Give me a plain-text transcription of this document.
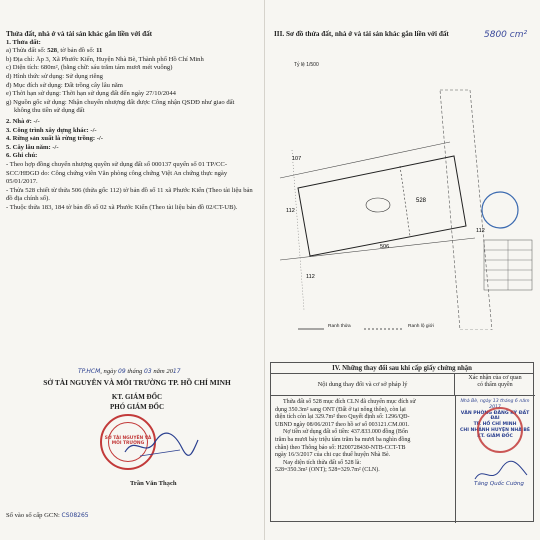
Thửa đất, nhà ở và tài sản khác gắn liền với đất
1. Thửa đất:
a) Thửa đất số: 528, tờ bản đồ số: 11
b) Địa chỉ: Ấp 3, Xã Phước Kiển, Huyện Nhà Bè, Thành phố Hồ Chí Minh
c) Diện tích: 680m², (bằng chữ: sáu trăm tám mươi mét vuông)
d) Hình thức sử dụng: Sử dụng riêng
đ) Mục đích sử dụng: Đất trồng cây lâu năm
e) Thời hạn sử dụng: Thời hạn sử dụng đất đến ngày 27/10/2044
g) Nguồn gốc sử dụng: Nhận chuyển nhượng đất được Công nhận QSDĐ như giao đất
không thu tiền sử dụng đất
2. Nhà ở: -/-
3. Công trình xây dựng khác: -/-
4. Rừng sản xuất là rừng trồng: -/-
5. Cây lâu năm: -/-
6. Ghi chú:
- Theo hợp đồng chuyển nhượng quyền sử dụng đất số 000137 quyển số 01 TP/CC-SCC/HĐGD do: Công chứng viên Văn phòng công chứng Việt An chứng thực ngày 05/01/2017.
- Thửa 528 chiết từ thửa 506 (thửa gốc 112) tờ bản đồ số 11 xã Phước Kiển (Theo tài liệu bản đồ địa chính số).
- Thuộc thửa 183, 184 tờ bản đồ số 02 xã Phước Kiển (Theo tài liệu bản đồ 02/CT-UB).
TP.HCM, ngày 09 tháng 03 năm 2017
SỞ TÀI NGUYÊN VÀ MÔI TRƯỜNG TP. HỒ CHÍ MINH
KT. GIÁM ĐỐC
PHÓ GIÁM ĐỐC
SỞ TÀI NGUYÊN VÀ MÔI TRƯỜNG
Trần Văn Thạch
Số vào sổ cấp GCN: CS08265
III. Sơ đồ thửa đất, nhà ở và tài sản khác gắn liền với đất	5800 cm²
Tỷ lệ 1/500
107
112
528
112
506
112
Ranh thửa	Ranh lộ giới
IV. Những thay đổi sau khi cấp giấy chứng nhận
Nội dung thay đổi và cơ sở pháp lý
Xác nhận của cơ quan
có thẩm quyền
Thửa đất số 528 mục đích CLN đã chuyển mục đích sử
dụng 350.3m² sang ONT (Đất ở tại nông thôn), còn lại
diện tích còn lại 329.7m² theo Quyết định số: 1296/QĐ-
UBND ngày 08/06/2017 theo hồ sơ số 003121.CM.001.
Nợ tiền sử dụng đất số tiền: 437.833.000 đồng (Bốn
trăm ba mươi bảy triệu tám trăm ba mươi ba nghìn đồng
chẵn) theo Thông báo số: H200728430-NTB-CCT-TB
ngày 16/3/2017 của chi cục thuế huyện Nhà Bè.
Nay diện tích thửa đất số 528 là:
528=350.3m² (ONT); 528=329.7m² (CLN).
Nhà Bè, ngày 13 tháng 6 năm 2017
VĂN PHÒNG ĐĂNG KÝ ĐẤT ĐAI
TP. HỒ CHÍ MINH
CHI NHÁNH HUYỆN NHÀ BÈ
KT. GIÁM ĐỐC
Tăng Quốc Cường
